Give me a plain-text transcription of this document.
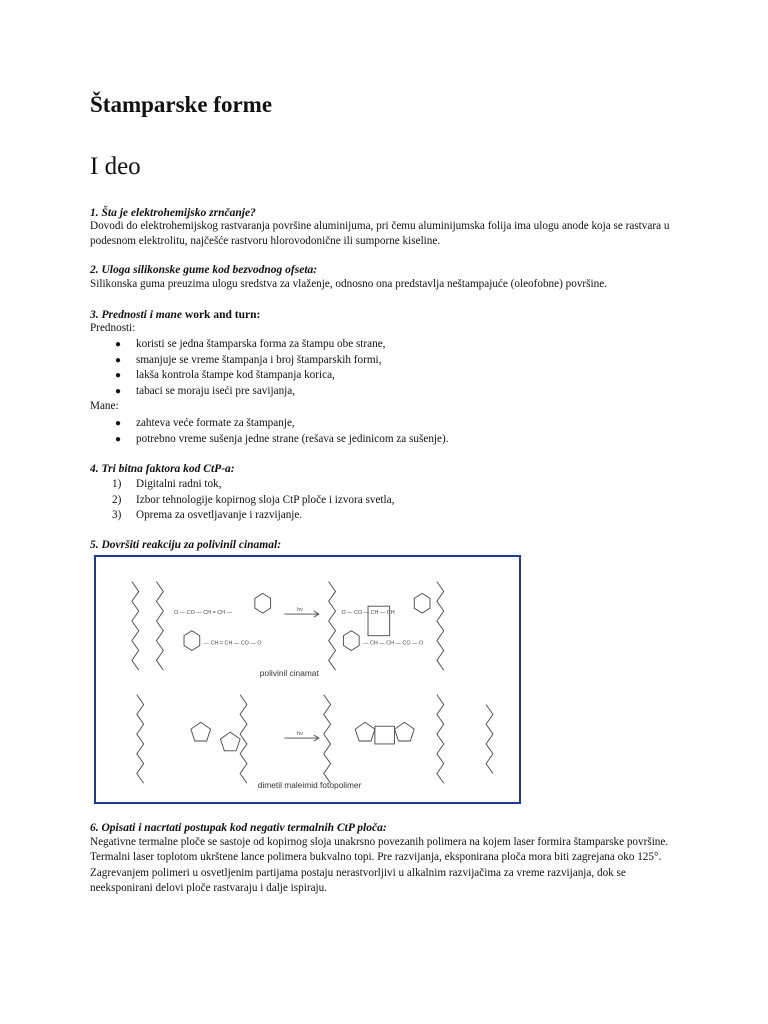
Štamparske forme
I deo

1. Šta je elektrohemijsko zrnčanje?

Dovodi do elektrohemijskog rastvaranja površine aluminijuma, pri čemu aluminijumska folija ima ulogu anode koja se rastvara u podesnom elektrolitu, najčešće rastvoru hlorovodonične ili sumporne kiseline.

2. Uloga silikonske gume kod bezvodnog ofseta:

Silikonska guma preuzima ulogu sredstva za vlaženje, odnosno ona predstavlja neštampajuće (oleofobne) površine.

3. Prednosti i mane work and turn:

Prednosti:

● koristi se jedna štamparska forma za štampu obe strane,
● smanjuje se vreme štampanja i broj štamparskih formi,
● lakša kontrola štampe kod štampanja korica,
● tabaci se moraju iseći pre savijanja,

Mane:

● zahteva veće formate za štampanje,
● potrebno vreme sušenja jedne strane (rešava se jedinicom za sušenje).

4. Tri bitna faktora kod CtP-a:

1) Digitalni radni tok,
2) Izbor tehnologije kopirnog sloja CtP ploče i izvora svetla,
3) Oprema za osvetljavanje i razvijanje.

5. Dovršiti reakciju za polivinil cinamal:

O — CO — CH = CH —
— CH = CH — CO — O
O — CO — CH — CH
— CH — CH — CO — O
hν
hν
polivinil cinamat
dimetil maleimid fotopolimer

6. Opisati i nacrtati postupak kod negativ termalnih CtP ploča:

Negativne termalne ploče se sastoje od kopirnog sloja unakrsno povezanih polimera na kojem laser formira štamparske površine. Termalni laser toplotom ukrštene lance polimera bukvalno topi. Pre razvijanja, eksponirana ploča mora biti zagrejana oko 125°. Zagrevanjem polimeri u osvetljenim partijama postaju nerastvorljivi u alkalnim razvijačima za vreme razvijanja, dok se neeksponirani delovi ploče rastvaraju i dalje ispiraju.
